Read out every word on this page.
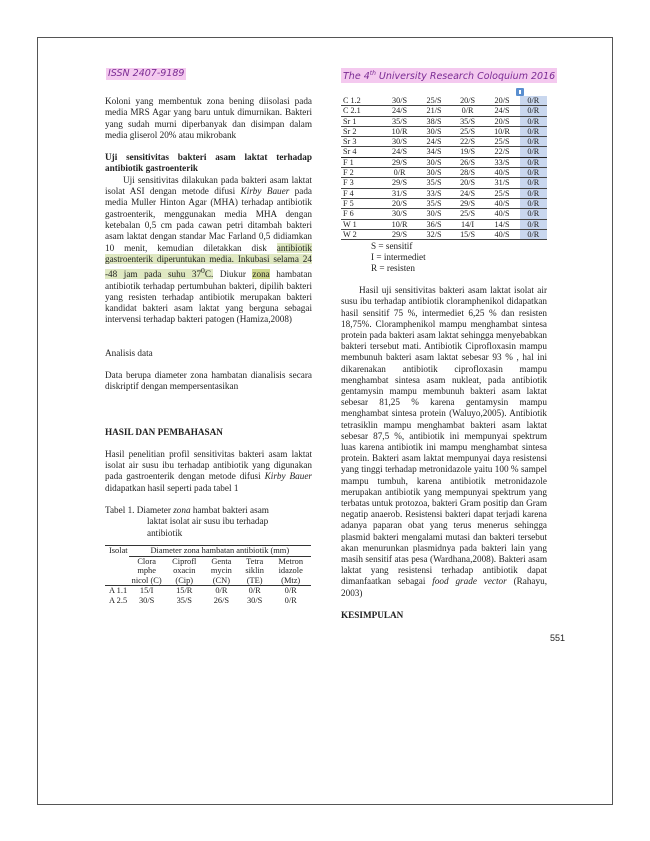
ISSN 2407-9189	The 4th University Research Coloquium 2016

Koloni yang membentuk zona bening diisolasi pada media MRS Agar yang baru untuk dimurnikan. Bakteri yang sudah murni diperbanyak dan disimpan dalam media gliserol 20% atau mikrobank

Uji sensitivitas bakteri asam laktat terhadap antibiotik gastroenterik

Uji sensitivitas dilakukan pada bakteri asam laktat isolat ASI dengan metode difusi Kirby Bauer pada media Muller Hinton Agar (MHA) terhadap antibiotik gastroenterik, menggunakan media MHA dengan ketebalan 0,5 cm pada cawan petri ditambah bakteri asam laktat dengan standar Mac Farland 0,5 didiamkan 10 menit, kemudian diletakkan disk antibiotik gastroenterik diperuntukan media. Inkubasi selama 24 -48 jam pada suhu $37^0C$. Diukur zona hambatan antibiotik terhadap pertumbuhan bakteri, dipilih bakteri yang resisten terhadap antibiotik merupakan bakteri kandidat bakteri asam laktat yang berguna sebagai intervensi terhadap bakteri patogen (Hamiza,2008)

Analisis data

Data berupa diameter zona hambatan dianalisis secara diskriptif dengan mempersentasikan

HASIL DAN PEMBAHASAN

Hasil penelitian profil sensitivitas bakteri asam laktat isolat air susu ibu terhadap antibiotik yang digunakan pada gastroenterik dengan metode difusi Kirby Bauer didapatkan hasil seperti pada tabel 1

Tabel 1. Diameter zona hambat bakteri asam
laktat isolat air susu ibu terhadap
antibiotik

Isolat	Diameter zona hambatan antibiotik (mm)				
	Clora mphe nicol (C)	Ciprofl oxacin (Cip)	Genta mycin (CN)	Tetra siklin (TE)	Metron idazole (Mtz)
A 1.1	15/I	15/R	0/R	0/R	0/R
A 2.5	30/S	35/S	26/S	30/S	0/R
C 1.2	30/S	25/S	20/S	20/S	0/R
C 2.1	24/S	21/S	0/R	24/S	0/R
Sr 1	35/S	38/S	35/S	20/S	0/R
Sr 2	10/R	30/S	25/S	10/R	0/R
Sr 3	30/S	24/S	22/S	25/S	0/R
Sr 4	24/S	34/S	19/S	22/S	0/R
F 1	29/S	30/S	26/S	33/S	0/R
F 2	0/R	30/S	28/S	40/S	0/R
F 3	29/S	35/S	20/S	31/S	0/R
F 4	31/S	33/S	24/S	25/S	0/R
F 5	20/S	35/S	29/S	40/S	0/R
F 6	30/S	30/S	25/S	40/S	0/R
W 1	10/R	36/S	14/I	14/S	0/R
W 2	29/S	32/S	15/S	40/S	0/R
S = sensitif
I = intermediet
R = resisten

Hasil uji sensitivitas bakteri asam laktat isolat air susu ibu terhadap antibiotik cloramphenikol didapatkan hasil sensitif 75 %, intermediet 6,25 % dan resisten 18,75%. Cloramphenikol mampu menghambat sintesa protein pada bakteri asam laktat sehingga menyebabkan bakteri tersebut mati. Antibiotik Ciprofloxasin mampu membunuh bakteri asam laktat sebesar 93 % , hal ini dikarenakan antibiotik ciprofloxasin mampu menghambat sintesa asam nukleat, pada antibiotik gentamysin mampu membunuh bakteri asam laktat sebesar 81,25 % karena gentamysin mampu menghambat sintesa protein (Waluyo,2005). Antibiotik tetrasiklin mampu menghambat bakteri asam laktat sebesar 87,5 %, antibiotik ini mempunyai spektrum luas karena antibiotik ini mampu menghambat sintesa protein. Bakteri asam laktat mempunyai daya resistensi yang tinggi terhadap metronidazole yaitu 100 % sampel mampu tumbuh, karena antibiotik metronidazole merupakan antibiotik yang mempunyai spektrum yang terbatas untuk protozoa, bakteri Gram positip dan Gram negatip anaerob. Resistensi bakteri dapat terjadi karena adanya paparan obat yang terus menerus sehingga plasmid bakteri mengalami mutasi dan bakteri tersebut akan menurunkan plasmidnya pada bakteri lain yang masih sensitif atas pesa (Wardhana,2008). Bakteri asam laktat yang resistensi terhadap antibiotik dapat dimanfaatkan sebagai food grade vector (Rahayu, 2003)

KESIMPULAN

551
